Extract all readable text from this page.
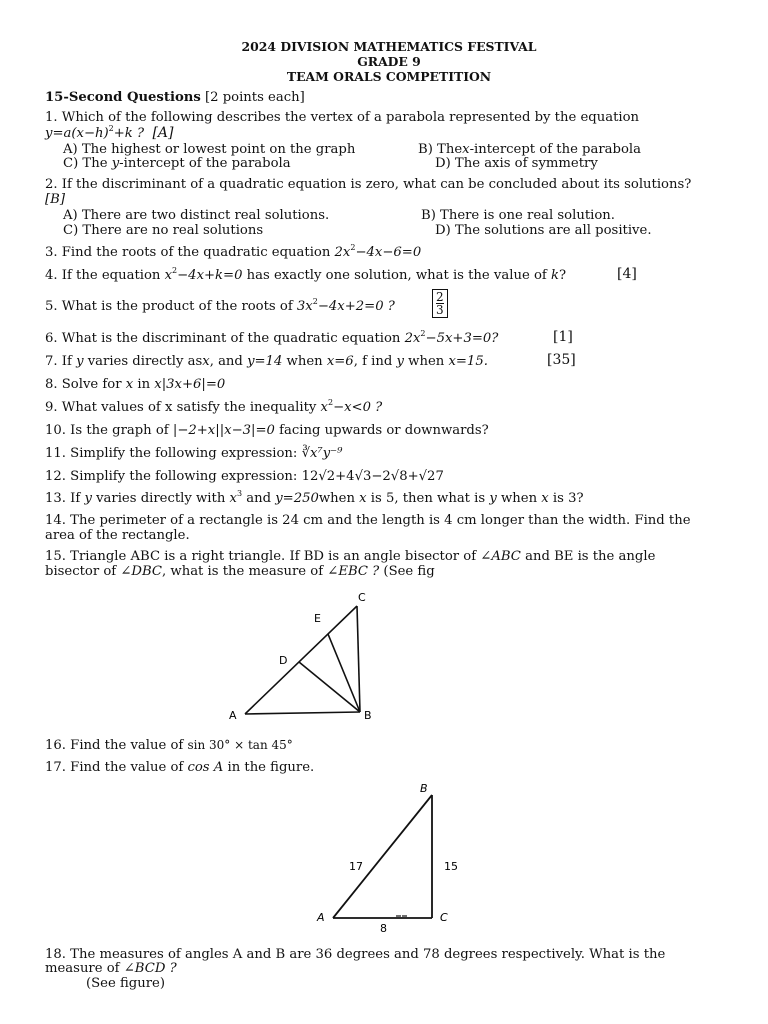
2024 DIVISION MATHEMATICS FESTIVAL
GRADE 9
TEAM ORALS COMPETITION
15-Second Questions [2 points each]
1. Which of the following describes the vertex of a parabola represented by the equation
$y=a(x-h)^2+k$ ? [A]
A) The highest or lowest point on the graph	B) Thex-intercept of the parabola
C) The y-intercept of the parabola	D) The axis of symmetry
2. If the discriminant of a quadratic equation is zero, what can be concluded about its solutions?
[B]
A) There are two distinct real solutions.	B) There is one real solution.
C) There are no real solutions	D) The solutions are all positive.
3. Find the roots of the quadratic equation $2x^2-4x-6=0$
4. If the equation $x^2-4x+k=0$ has exactly one solution, what is the value of k?	[4]
5. What is the product of the roots of $3x^2-4x+2=0$ ?	$\frac{2}{3}$
6. What is the discriminant of the quadratic equation $2x^2-5x+3=0$?	[1]
7. If y varies directly asx, and y=14 when x=6, f ind y when x=15.	[35]
8. Solve for x in x|3x+6|=0
9. What values of x satisfy the inequality $x^2-x<0$ ?
10. Is the graph of |−2+x||x−3|=0 facing upwards or downwards?
11. Simplify the following expression: ∛x⁷y⁻⁹
12. Simplify the following expression: 12√2+4√3−2√8+√27
13. If y varies directly with $x^3$ and y=250when x is 5, then what is y when x is 3?
14. The perimeter of a rectangle is 24 cm and the length is 4 cm longer than the width. Find the
area of the rectangle.
15. Triangle ABC is a right triangle. If BD is an angle bisector of ∠ABC and BE is the angle
bisector of ∠DBC, what is the measure of ∠EBC ? (See fig
A	B
C
D
E
A
B
C
17	15
8
16. Find the value of sin 30° × tan 45°
17. Find the value of cos A in the figure.
18. The measures of angles A and B are 36 degrees and 78 degrees respectively. What is the
measure of ∠BCD ?
(See figure)
